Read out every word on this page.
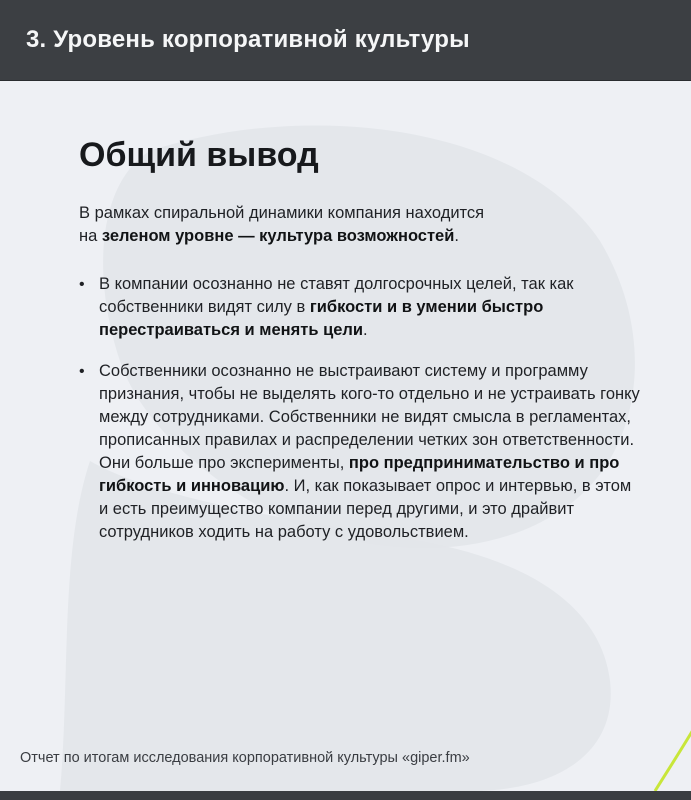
3. Уровень корпоративной культуры
Отчет по итогам исследования корпоративной культуры «giper.fm»
Общий вывод
В рамках спиральной динамики компания находится
на зеленом уровне — культура возможностей.
• В компании осознанно не ставят долгосрочных целей, так как
собственники видят силу в гибкости и в умении быстро
перестраиваться и менять цели.
• Собственники осознанно не выстраивают систему и программу
признания, чтобы не выделять кого-то отдельно и не устраивать гонку
между сотрудниками. Собственники не видят смысла в регламентах,
прописанных правилах и распределении четких зон ответственности.
Они больше про эксперименты, про предпринимательство и про
гибкость и инновацию. И, как показывает опрос и интервью, в этом
и есть преимущество компании перед другими, и это драйвит
сотрудников ходить на работу с удовольствием.
